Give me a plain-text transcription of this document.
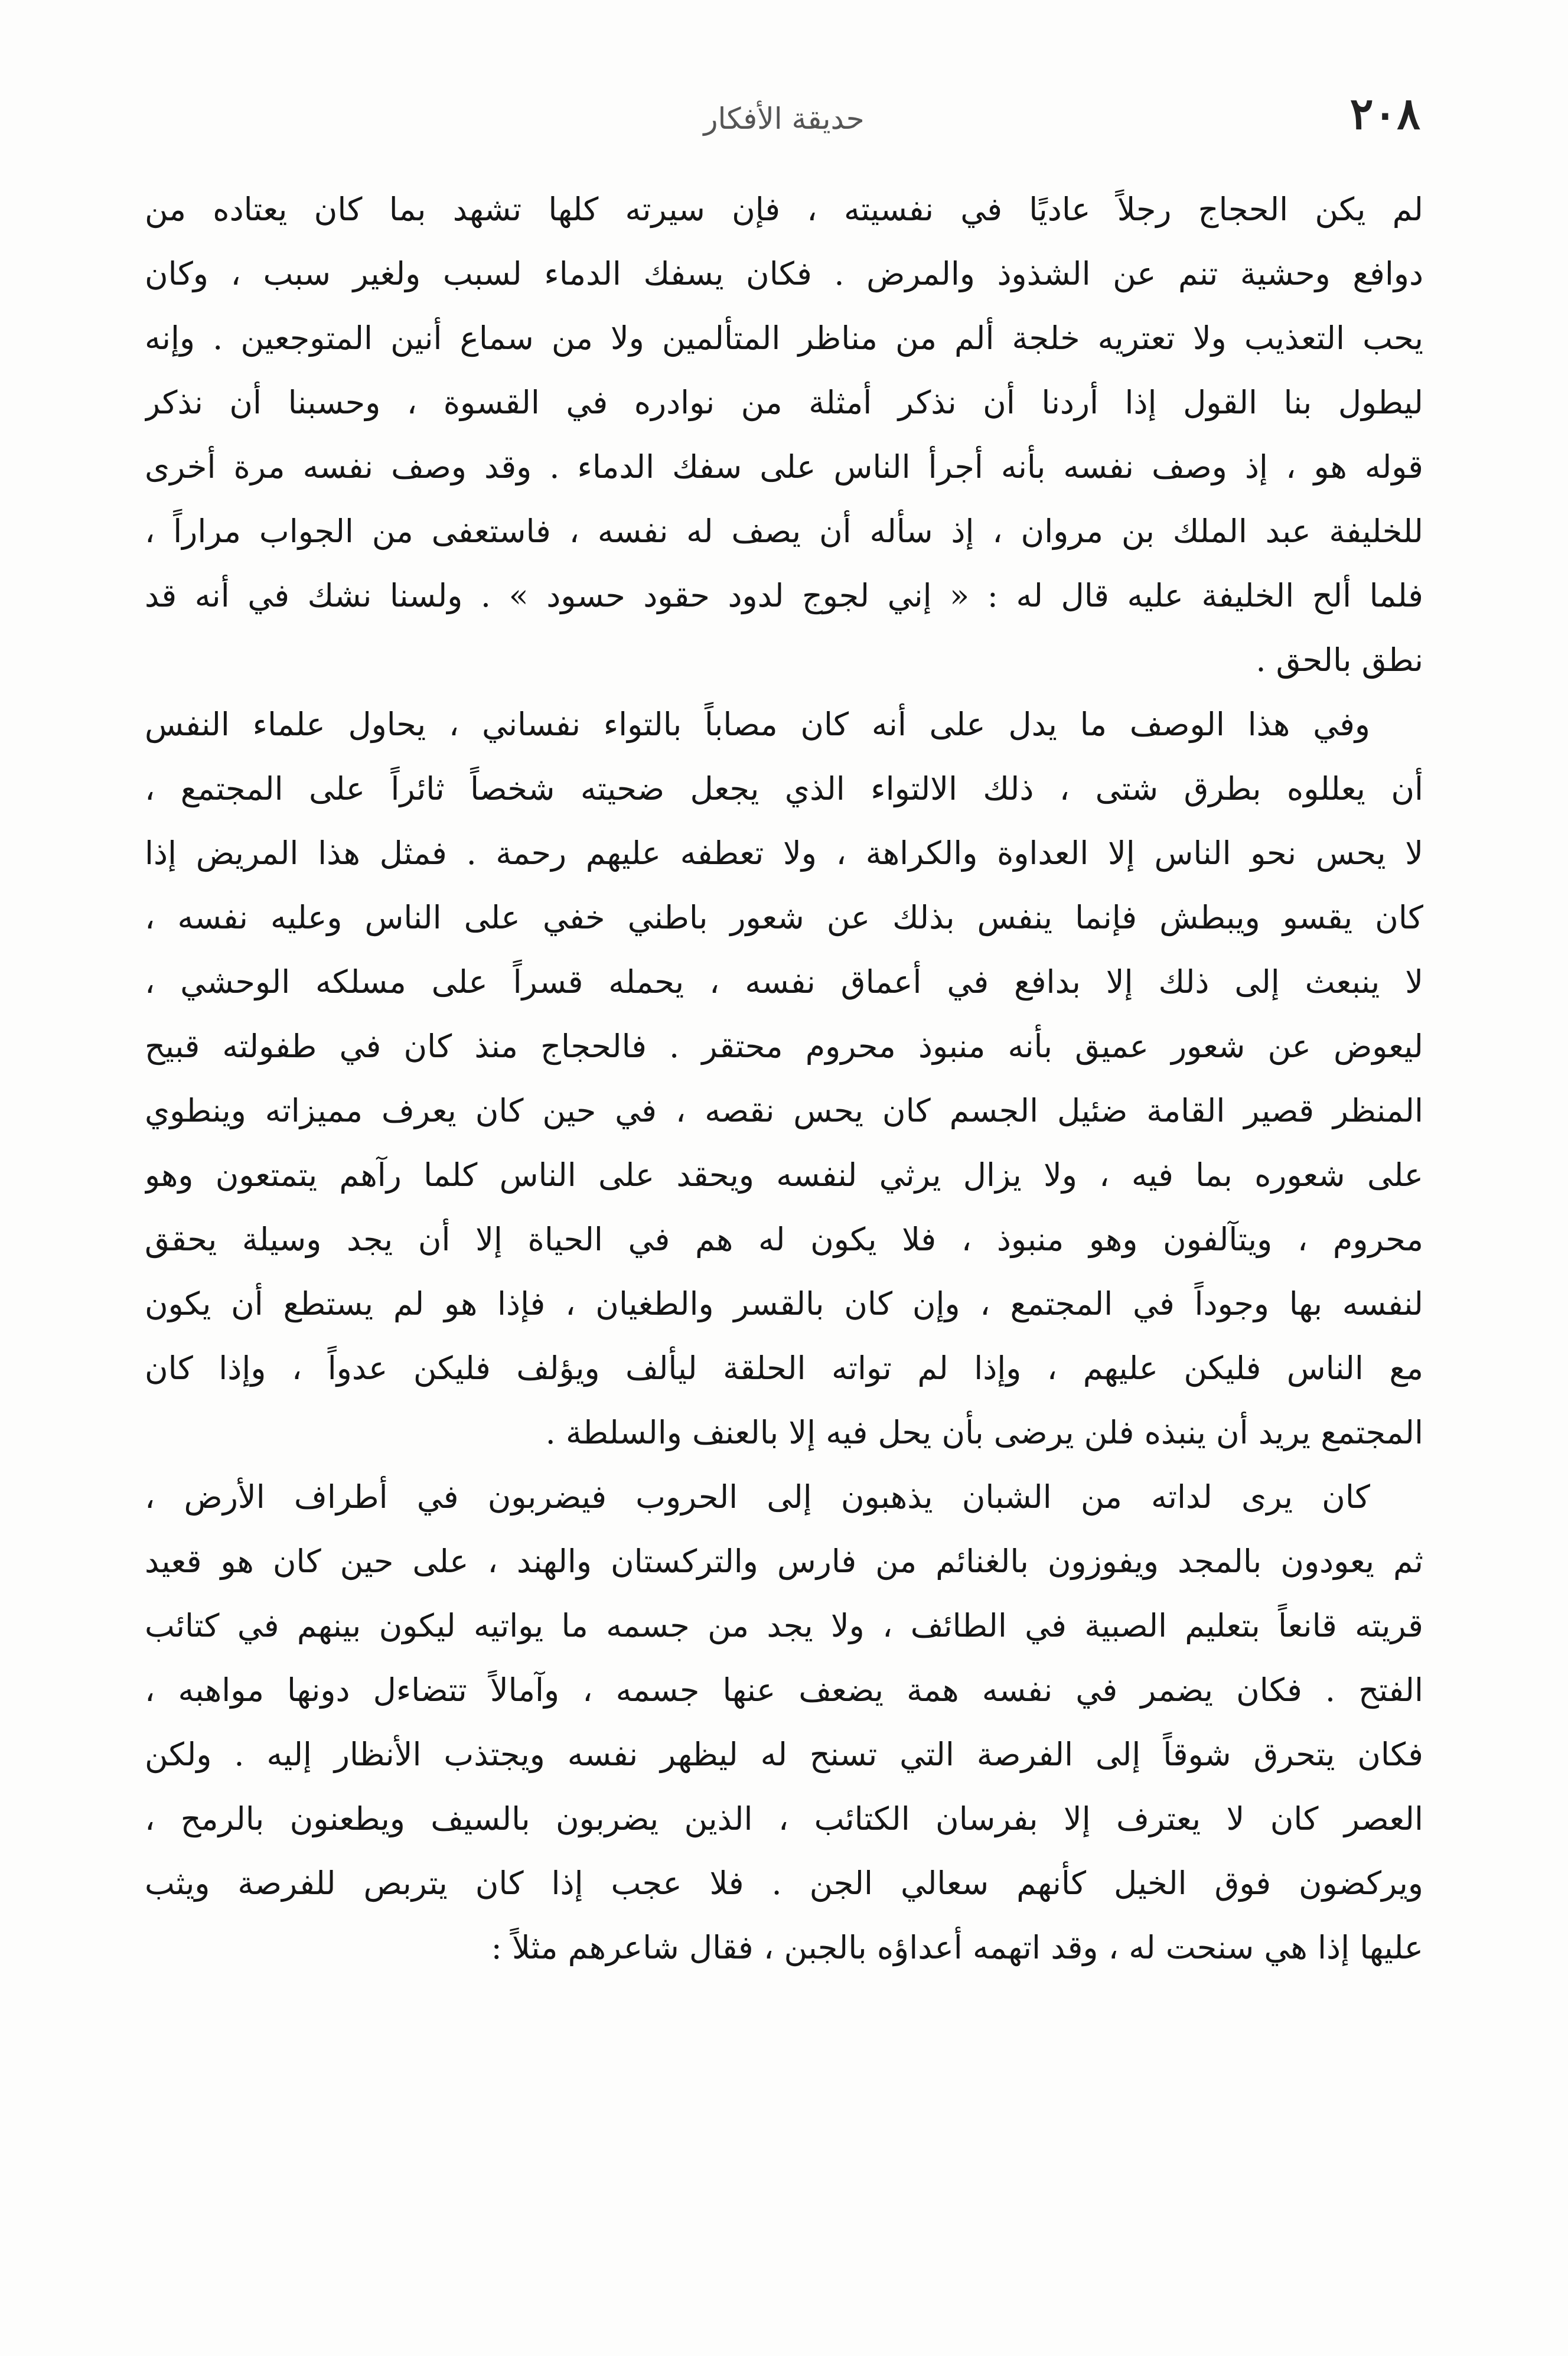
٢٠٨
حديقة الأفكار

لم يكن الحجاج رجلاً عاديًا في نفسيته ، فإن سيرته كلها تشهد بما كان يعتاده من
دوافع وحشية تنم عن الشذوذ والمرض . فكان يسفك الدماء لسبب ولغير سبب ، وكان
يحب التعذيب ولا تعتريه خلجة ألم من مناظر المتألمين ولا من سماع أنين المتوجعين . وإنه
ليطول بنا القول إذا أردنا أن نذكر أمثلة من نوادره في القسوة ، وحسبنا أن نذكر
قوله هو ، إذ وصف نفسه بأنه أجرأ الناس على سفك الدماء . وقد وصف نفسه مرة أخرى
للخليفة عبد الملك بن مروان ، إذ سأله أن يصف له نفسه ، فاستعفى من الجواب مراراً ،
فلما ألح الخليفة عليه قال له : « إني لجوج لدود حقود حسود » . ولسنا نشك في أنه قد
نطق بالحق .

وفي هذا الوصف ما يدل على أنه كان مصاباً بالتواء نفساني ، يحاول علماء النفس
أن يعللوه بطرق شتى ، ذلك الالتواء الذي يجعل ضحيته شخصاً ثائراً على المجتمع ،
لا يحس نحو الناس إلا العداوة والكراهة ، ولا تعطفه عليهم رحمة . فمثل هذا المريض إذا
كان يقسو ويبطش فإنما ينفس بذلك عن شعور باطني خفي على الناس وعليه نفسه ،
لا ينبعث إلى ذلك إلا بدافع في أعماق نفسه ، يحمله قسراً على مسلكه الوحشي ،
ليعوض عن شعور عميق بأنه منبوذ محروم محتقر . فالحجاج منذ كان في طفولته قبيح
المنظر قصير القامة ضئيل الجسم كان يحس نقصه ، في حين كان يعرف مميزاته وينطوي
على شعوره بما فيه ، ولا يزال يرثي لنفسه ويحقد على الناس كلما رآهم يتمتعون وهو
محروم ، ويتآلفون وهو منبوذ ، فلا يكون له هم في الحياة إلا أن يجد وسيلة يحقق
لنفسه بها وجوداً في المجتمع ، وإن كان بالقسر والطغيان ، فإذا هو لم يستطع أن يكون
مع الناس فليكن عليهم ، وإذا لم تواته الحلقة ليألف ويؤلف فليكن عدواً ، وإذا كان
المجتمع يريد أن ينبذه فلن يرضى بأن يحل فيه إلا بالعنف والسلطة .

كان يرى لداته من الشبان يذهبون إلى الحروب فيضربون في أطراف الأرض ،
ثم يعودون بالمجد ويفوزون بالغنائم من فارس والتركستان والهند ، على حين كان هو قعيد
قريته قانعاً بتعليم الصبية في الطائف ، ولا يجد من جسمه ما يواتيه ليكون بينهم في كتائب
الفتح . فكان يضمر في نفسه همة يضعف عنها جسمه ، وآمالاً تتضاءل دونها مواهبه ،
فكان يتحرق شوقاً إلى الفرصة التي تسنح له ليظهر نفسه ويجتذب الأنظار إليه . ولكن
العصر كان لا يعترف إلا بفرسان الكتائب ، الذين يضربون بالسيف ويطعنون بالرمح ،
ويركضون فوق الخيل كأنهم سعالي الجن . فلا عجب إذا كان يتربص للفرصة ويثب
عليها إذا هي سنحت له ، وقد اتهمه أعداؤه بالجبن ، فقال شاعرهم مثلاً :
